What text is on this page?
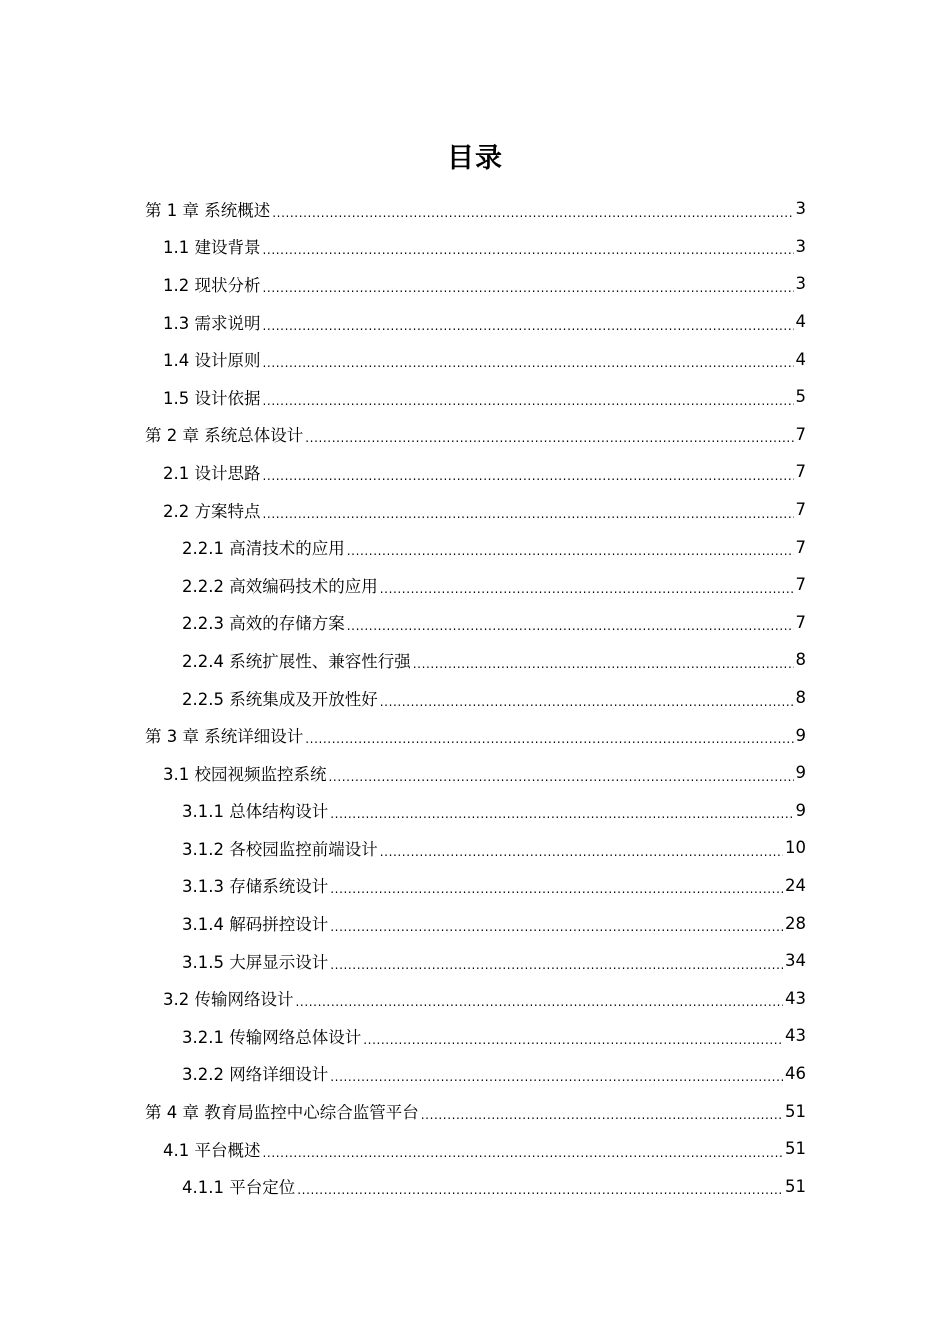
目录
第 1 章 系统概述 .....	3
1.1 建设背景 .....	3
1.2 现状分析 .....	3
1.3 需求说明 .....	4
1.4 设计原则 .....	4
1.5 设计依据 .....	5
第 2 章 系统总体设计 .....	7
2.1 设计思路 .....	7
2.2 方案特点 .....	7
2.2.1 高清技术的应用 .....	7
2.2.2 高效编码技术的应用 .....	7
2.2.3 高效的存储方案 .....	7
2.2.4 系统扩展性、兼容性行强 .....	8
2.2.5 系统集成及开放性好 .....	8
第 3 章 系统详细设计 .....	9
3.1 校园视频监控系统 .....	9
3.1.1 总体结构设计 .....	9
3.1.2 各校园监控前端设计 .....	10
3.1.3 存储系统设计 .....	24
3.1.4 解码拼控设计 .....	28
3.1.5 大屏显示设计 .....	34
3.2 传输网络设计 .....	43
3.2.1 传输网络总体设计 .....	43
3.2.2 网络详细设计 .....	46
第 4 章 教育局监控中心综合监管平台 .....	51
4.1 平台概述 .....	51
4.1.1 平台定位 .....	51
